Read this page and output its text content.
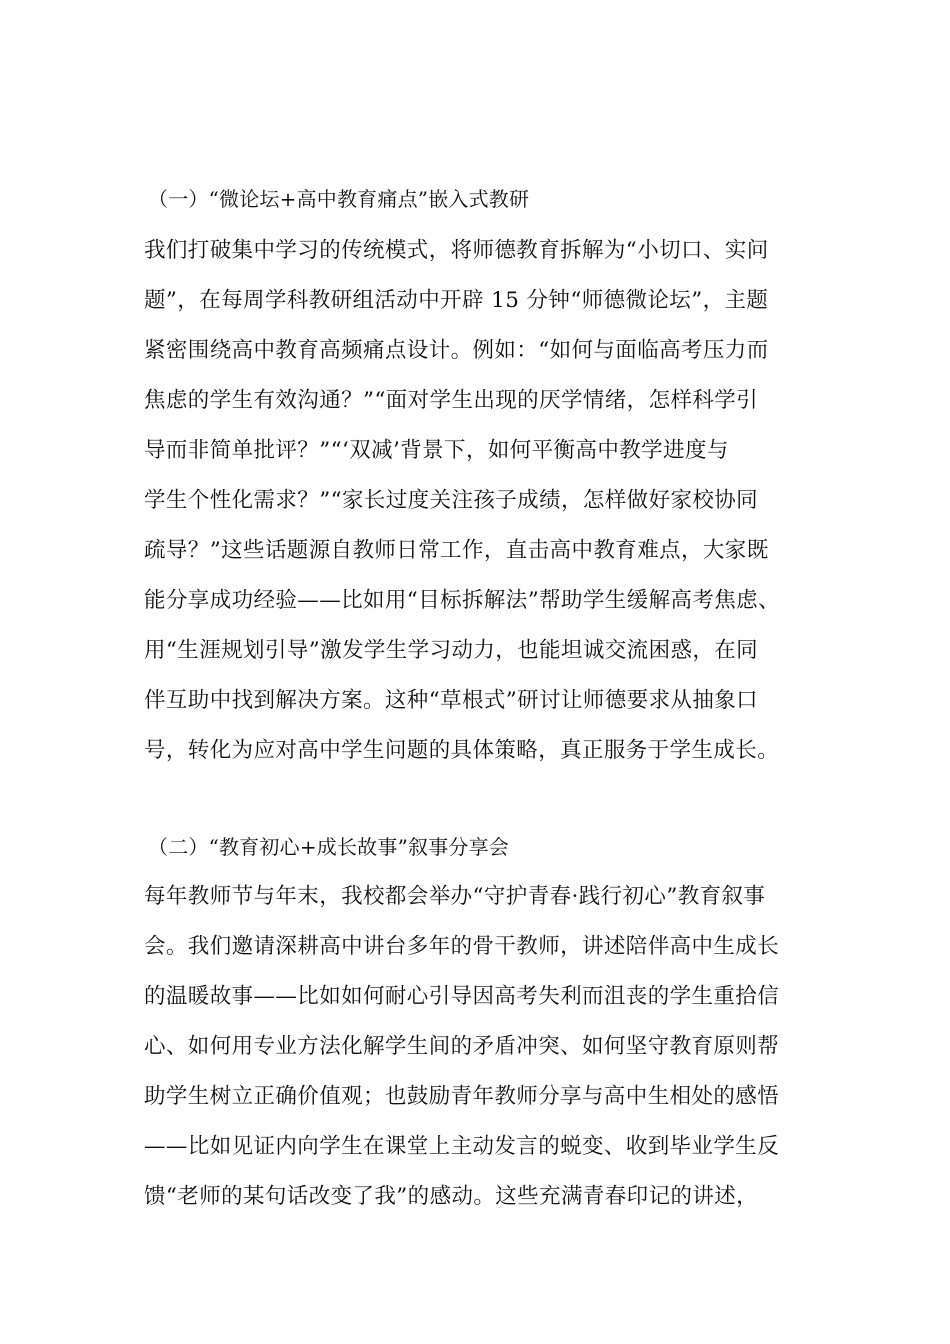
（一）“微论坛+高中教育痛点”嵌入式教研
我们打破集中学习的传统模式，将师德教育拆解为“小切口、实问
题”，在每周学科教研组活动中开辟 15 分钟“师德微论坛”，主题
紧密围绕高中教育高频痛点设计。例如：“如何与面临高考压力而
焦虑的学生有效沟通？”“面对学生出现的厌学情绪，怎样科学引
导而非简单批评？”“‘双减’背景下，如何平衡高中教学进度与
学生个性化需求？”“家长过度关注孩子成绩，怎样做好家校协同
疏导？”这些话题源自教师日常工作，直击高中教育难点，大家既
能分享成功经验——比如用“目标拆解法”帮助学生缓解高考焦虑、
用“生涯规划引导”激发学生学习动力，也能坦诚交流困惑，在同
伴互助中找到解决方案。这种“草根式”研讨让师德要求从抽象口
号，转化为应对高中学生问题的具体策略，真正服务于学生成长。
（二）“教育初心+成长故事”叙事分享会
每年教师节与年末，我校都会举办“守护青春·践行初心”教育叙事
会。我们邀请深耕高中讲台多年的骨干教师，讲述陪伴高中生成长
的温暖故事——比如如何耐心引导因高考失利而沮丧的学生重拾信
心、如何用专业方法化解学生间的矛盾冲突、如何坚守教育原则帮
助学生树立正确价值观；也鼓励青年教师分享与高中生相处的感悟
——比如见证内向学生在课堂上主动发言的蜕变、收到毕业学生反
馈“老师的某句话改变了我”的感动。这些充满青春印记的讲述，
